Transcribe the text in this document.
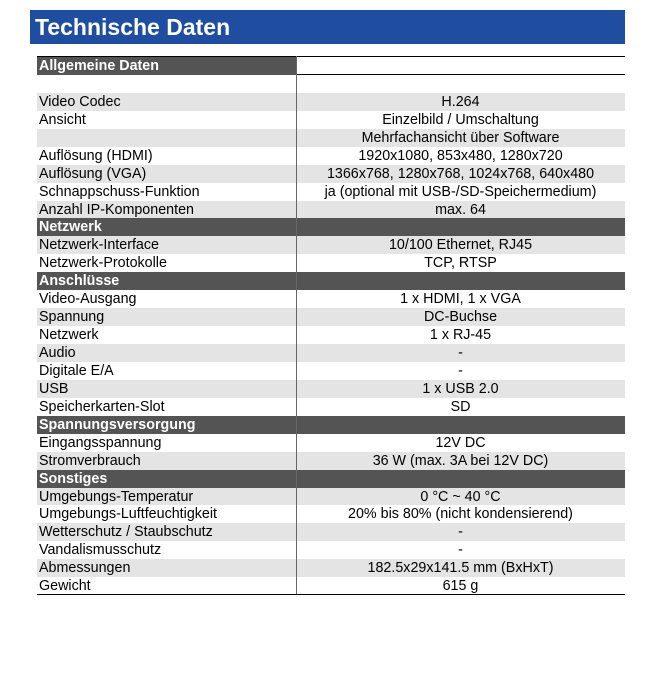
Technische Daten
Allgemeine Daten
Video Codec	H.264
Ansicht	Einzelbild / Umschaltung
Mehrfachansicht über Software
Auflösung (HDMI)	1920x1080, 853x480, 1280x720
Auflösung (VGA)	1366x768, 1280x768, 1024x768, 640x480
Schnappschuss-Funktion	ja (optional mit USB-/SD-Speichermedium)
Anzahl IP-Komponenten	max. 64
Netzwerk
Netzwerk-Interface	10/100 Ethernet, RJ45
Netzwerk-Protokolle	TCP, RTSP
Anschlüsse
Video-Ausgang	1 x HDMI, 1 x VGA
Spannung	DC-Buchse
Netzwerk	1 x RJ-45
Audio	-
Digitale E/A	-
USB	1 x USB 2.0
Speicherkarten-Slot	SD
Spannungsversorgung
Eingangsspannung	12V DC
Stromverbrauch	36 W (max. 3A bei 12V DC)
Sonstiges
Umgebungs-Temperatur	0 °C ~ 40 °C
Umgebungs-Luftfeuchtigkeit	20% bis 80% (nicht kondensierend)
Wetterschutz / Staubschutz	-
Vandalismusschutz	-
Abmessungen	182.5x29x141.5 mm (BxHxT)
Gewicht	615 g
